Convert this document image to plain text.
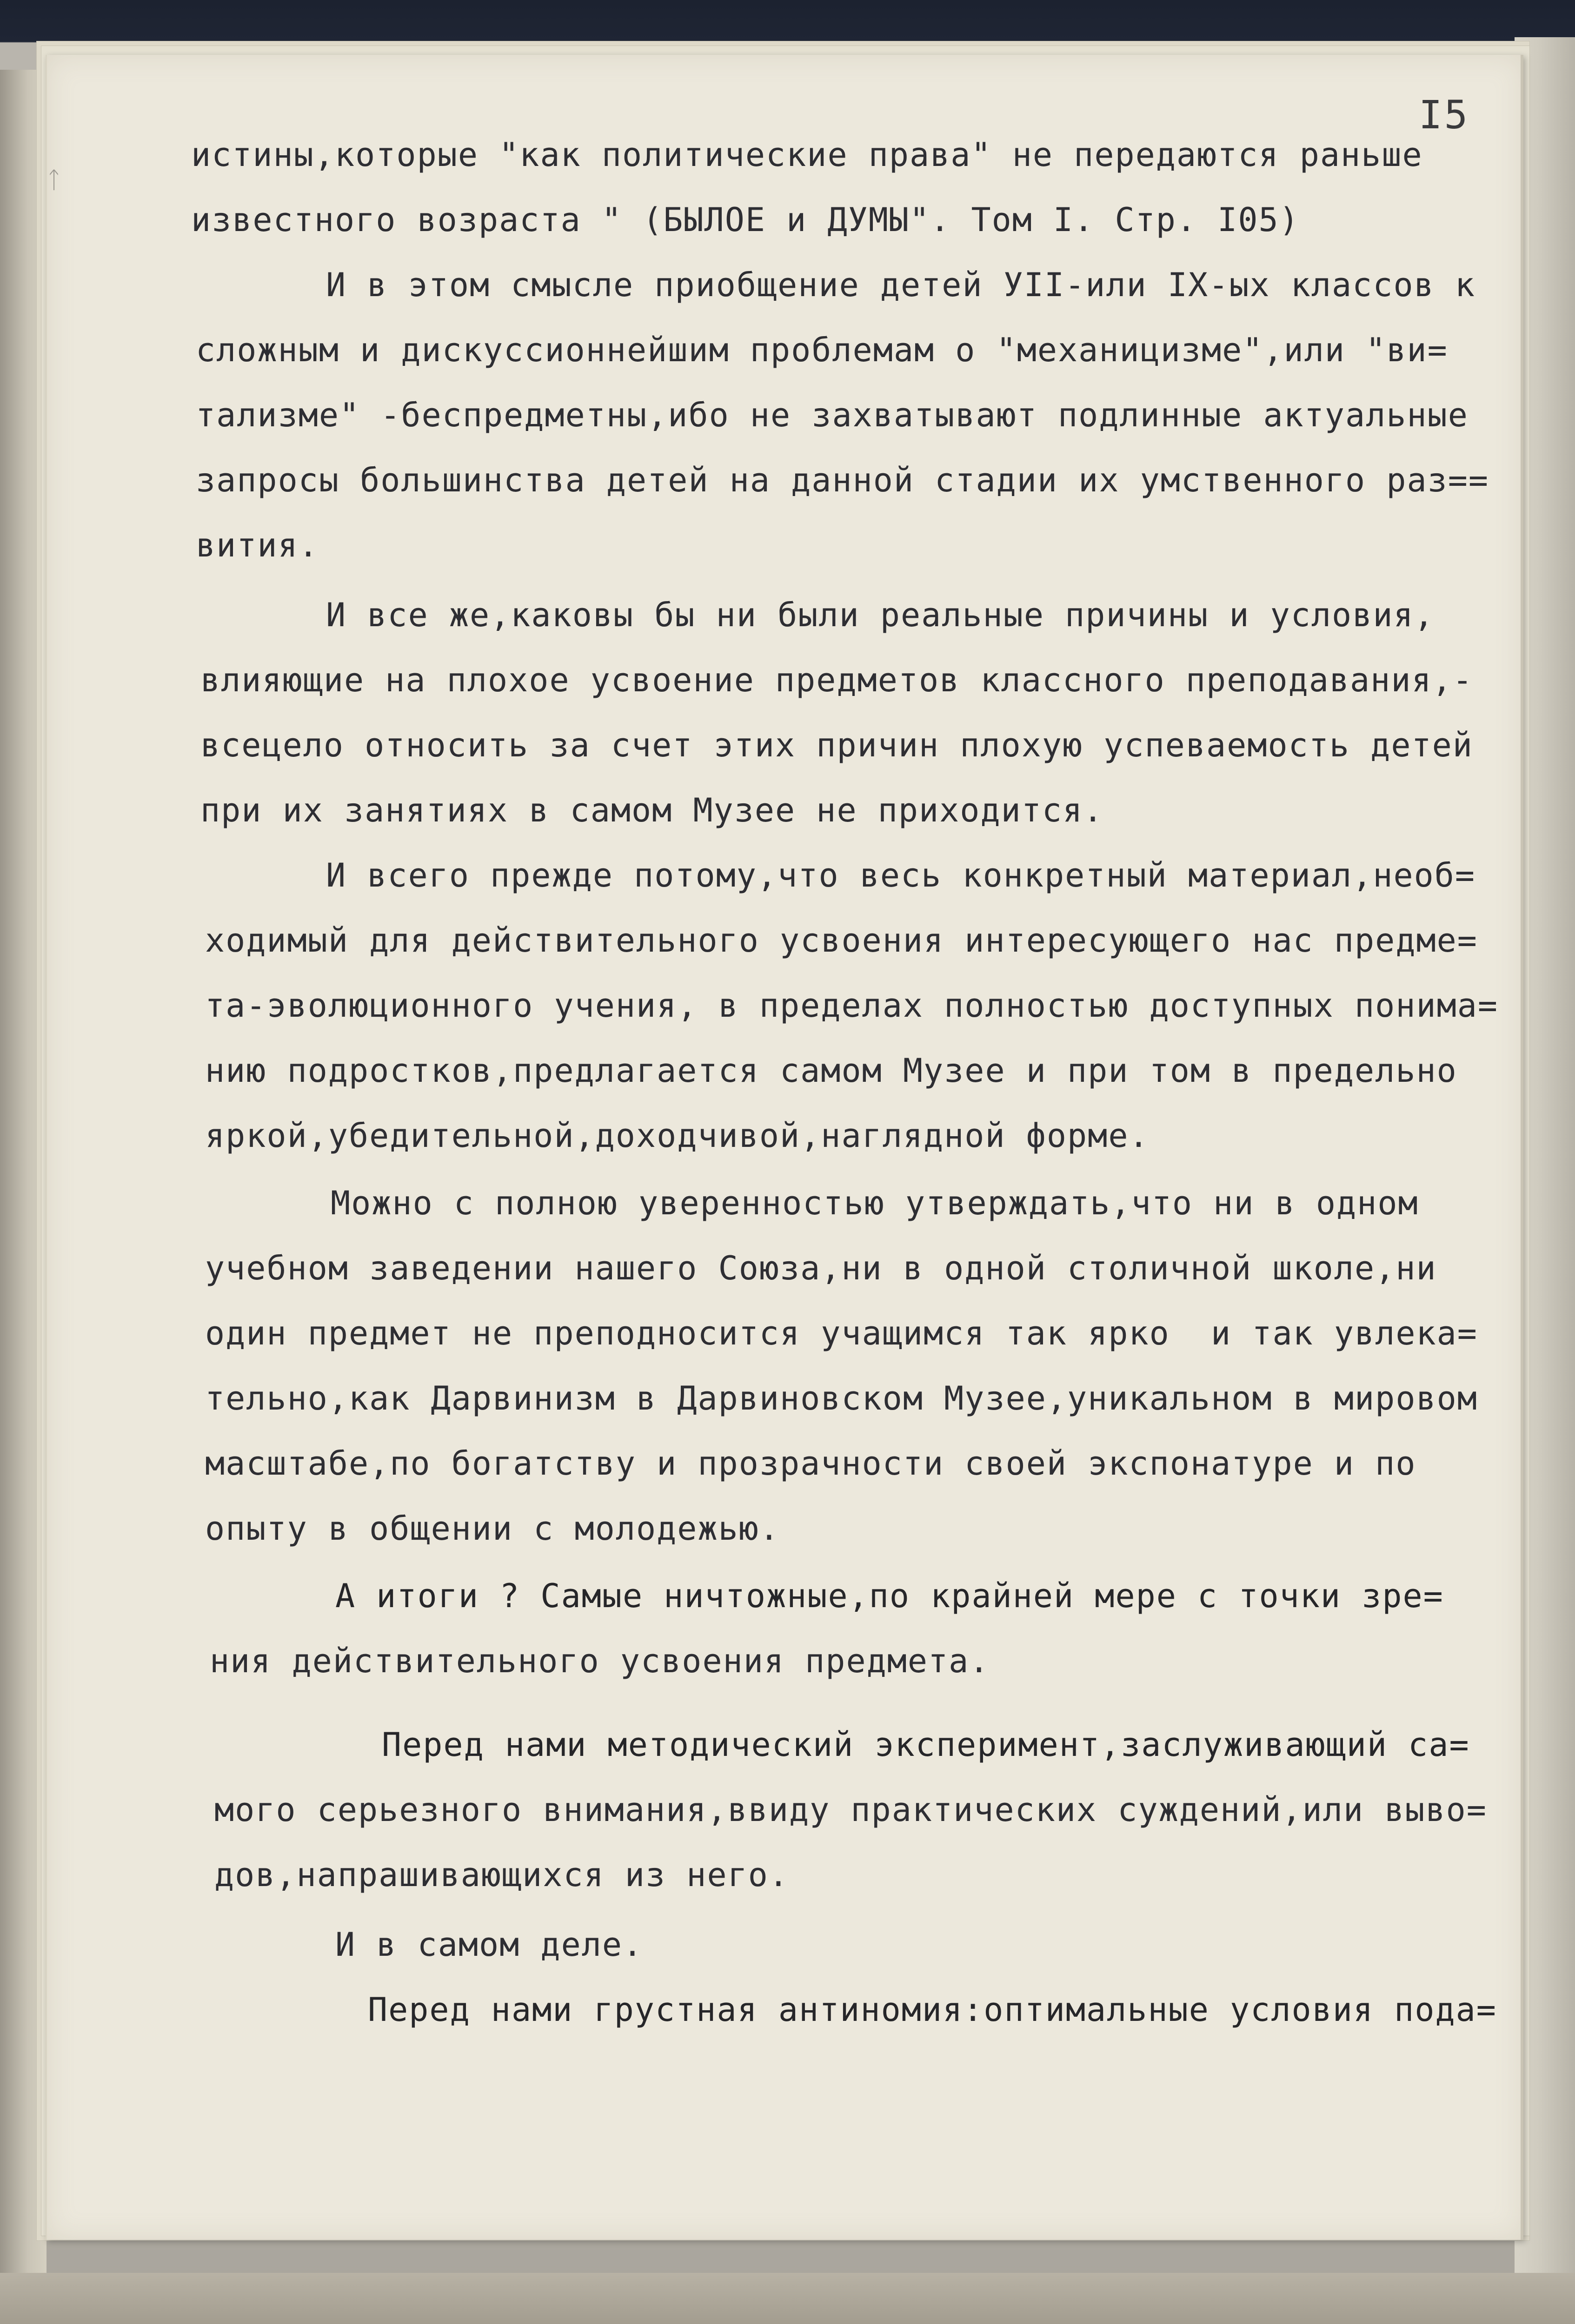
I5
ᛏ
истины,которые "как политические права" не передаются раньше
известного возраста " (БЫЛОЕ и ДУМЫ". Том I. Стр. I05)
И в этом смысле приобщение детей УII-или IX-ых классов к
сложным и дискуссионнейшим проблемам о "механицизме",или "ви=
тализме" -беспредметны,ибо не захватывают подлинные актуальные
запросы большинства детей на данной стадии их умственного раз==
вития.
И все же,каковы бы ни были реальные причины и условия,
влияющие на плохое усвоение предметов классного преподавания,-
всецело относить за счет этих причин плохую успеваемость детей
при их занятиях в самом Музее не приходится.
И всего прежде потому,что весь конкретный материал,необ=
ходимый для действительного усвоения интересующего нас предме=
та-эволюционного учения, в пределах полностью доступных понима=
нию подростков,предлагается самом Музее и при том в предельно
яркой,убедительной,доходчивой,наглядной форме.
Можно с полною уверенностью утверждать,что ни в одном
учебном заведении нашего Союза,ни в одной столичной школе,ни
один предмет не преподносится учащимся так ярко  и так увлека=
тельно,как Дарвинизм в Дарвиновском Музее,уникальном в мировом
масштабе,по богатству и прозрачности своей экспонатуре и по
опыту в общении с молодежью.
А итоги ? Самые ничтожные,по крайней мере с точки зре=
ния действительного усвоения предмета.
Перед нами методический эксперимент,заслуживающий са=
мого серьезного внимания,ввиду практических суждений,или выво=
дов,напрашивающихся из него.
И в самом деле.
Перед нами грустная антиномия:оптимальные условия пода=
